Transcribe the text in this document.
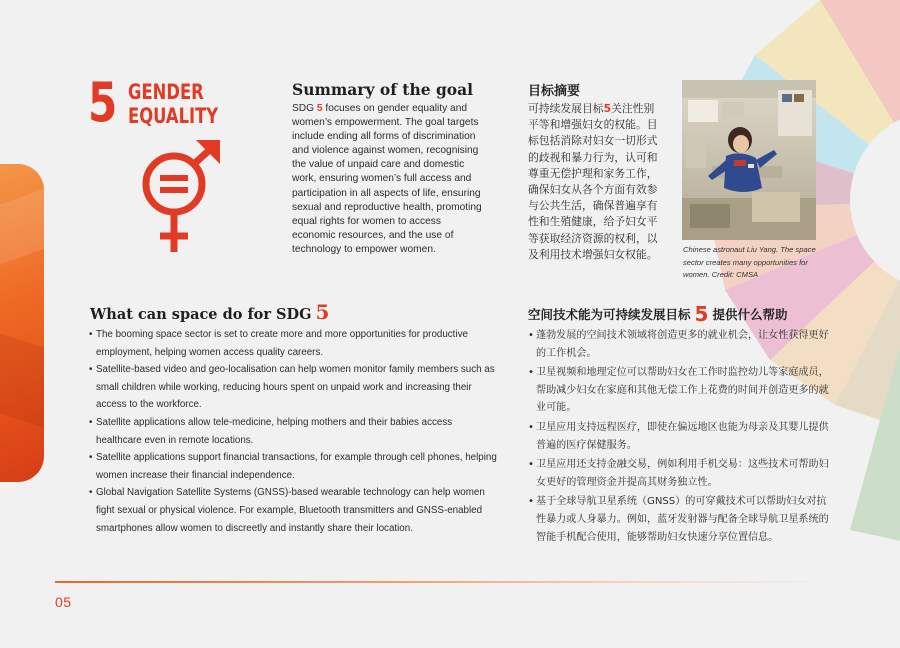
5 GENDER
EQUALITY
Summary of the goal

SDG 5 focuses on gender equality and women’s empowerment. The goal targets include ending all forms of discrimination and violence against women, recognising the value of unpaid care and domestic work, ensuring women’s full access and participation in all aspects of life, ensuring sexual and reproductive health, promoting equal rights for women to access economic resources, and the use of technology to empower women.

目标摘要

可持续发展目标5关注性别平等和增强妇女的权能。目标包括消除对妇女一切形式的歧视和暴力行为，认可和尊重无偿护理和家务工作，确保妇女从各个方面有效参与公共生活，确保普遍享有性和生殖健康，给予妇女平等获取经济资源的权利，以及利用技术增强妇女权能。	Chinese astronaut Liu Yang. The space sector creates many opportunities for women. Credit: CMSA

What can space do for SDG 5
• The booming space sector is set to create more and more opportunities for productive employment, helping women access quality careers.
• Satellite-based video and geo-localisation can help women monitor family members such as small children while working, reducing hours spent on unpaid work and increasing their access to the workforce.
• Satellite applications allow tele-medicine, helping mothers and their babies access healthcare even in remote locations.
• Satellite applications support financial transactions, for example through cell phones, helping women increase their financial independence.
• Global Navigation Satellite Systems (GNSS)-based wearable technology can help women fight sexual or physical violence. For example, Bluetooth transmitters and GNSS-enabled smartphones allow women to discreetly and instantly share their location.
空间技术能为可持续发展目标 5 提供什么帮助
• 蓬勃发展的空间技术领域将创造更多的就业机会，让女性获得更好的工作机会。
• 卫星视频和地理定位可以帮助妇女在工作时监控幼儿等家庭成员，帮助减少妇女在家庭和其他无偿工作上花费的时间并创造更多的就业可能。
• 卫星应用支持远程医疗，即使在偏远地区也能为母亲及其婴儿提供普遍的医疗保健服务。
• 卫星应用还支持金融交易，例如利用手机交易：这些技术可帮助妇女更好的管理资金并提高其财务独立性。
• 基于全球导航卫星系统（GNSS）的可穿戴技术可以帮助妇女对抗性暴力或人身暴力。例如，蓝牙发射器与配备全球导航卫星系统的智能手机配合使用，能够帮助妇女快速分享位置信息。
05
